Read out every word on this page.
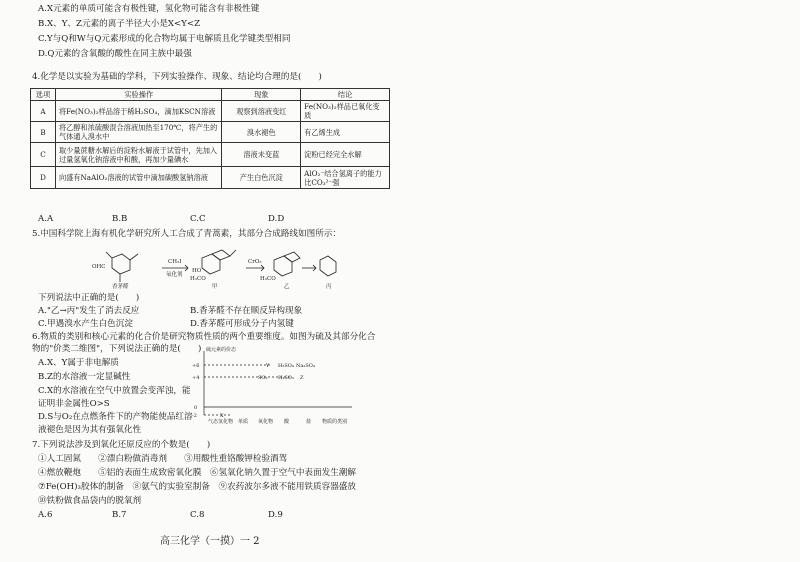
A.X元素的单质可能含有极性键，氢化物可能含有非极性键
B.X、Y、Z元素的离子半径大小是X<Y<Z
C.Y与Q和W与Q元素形成的化合物均属于电解质且化学键类型相同
D.Q元素的含氧酸的酸性在同主族中最强
4.化学是以实验为基础的学科，下列实验操作、现象、结论均合理的是(　　)
选项	实验操作	现象	结论
A	将Fe(NO₃)₂样品溶于稀H₂SO₄，滴加KSCN溶液	观察到溶液变红	Fe(NO₃)₂样品已氧化变质
B	将乙醇和浓硫酸混合溶液加热至170℃，将产生的气体通入溴水中	溴水褪色	有乙烯生成
C	取少量蔗糖水解后的淀粉水解液于试管中，先加入过量氢氧化钠溶液中和酸，再加少量碘水	溶液未变蓝	淀粉已经完全水解
D	向盛有NaAlO₂溶液的试管中滴加碳酸氢钠溶液	产生白色沉淀	AlO₂⁻结合氢离子的能力比CO₃²⁻强
A.A	B.B	C.C	D.D
5.中国科学院上海有机化学研究所人工合成了青蒿素，其部分合成路线如图所示：
OHC
香茅醛
CH₃I
氧化剂
HO
H₃CO
甲
CrO₃
H₃CO
乙	丙
下列说法中正确的是(　　)
A."乙→丙"发生了消去反应	B.香茅醛不存在顺反异构现象
C.甲遇溴水产生白色沉淀	D.香茅醛可形成分子内氢键
6.物质的类别和核心元素的化合价是研究物质性质的两个重要维度。如图为硫及其部分化合
物的"价类二维图"，下列说法正确的是(　　)
A.X、Y属于非电解质
B.Z的水溶液一定显碱性
C.X的水溶液在空气中放置会变浑浊，能
证明非金属性O>S
D.S与O₂在点燃条件下的产物能使品红溶
液褪色是因为其有强氧化性
硫元素的价态
+6
+4
0
-2
气态氢化物 单质 氧化物 酸	盐 物质的类别
Y H₂SO₄ Na₂SO₄
SO₂ H₂SO₃ Z
X
7.下列说法涉及到氧化还原反应的个数是(　　)
①人工固氮　　②漂白粉做消毒剂　　③用酸性重铬酸钾检验酒驾
④燃放鞭炮　　⑤铝的表面生成致密氧化膜　⑥氢氧化钠久置于空气中表面发生潮解
⑦Fe(OH)₃胶体的制备　⑧氨气的实验室制备　⑨农药波尔多液不能用铁质容器盛放
⑩铁粉做食品袋内的脱氧剂
A.6	B.7	C.8	D.9
高三化学（一摸）一 2
